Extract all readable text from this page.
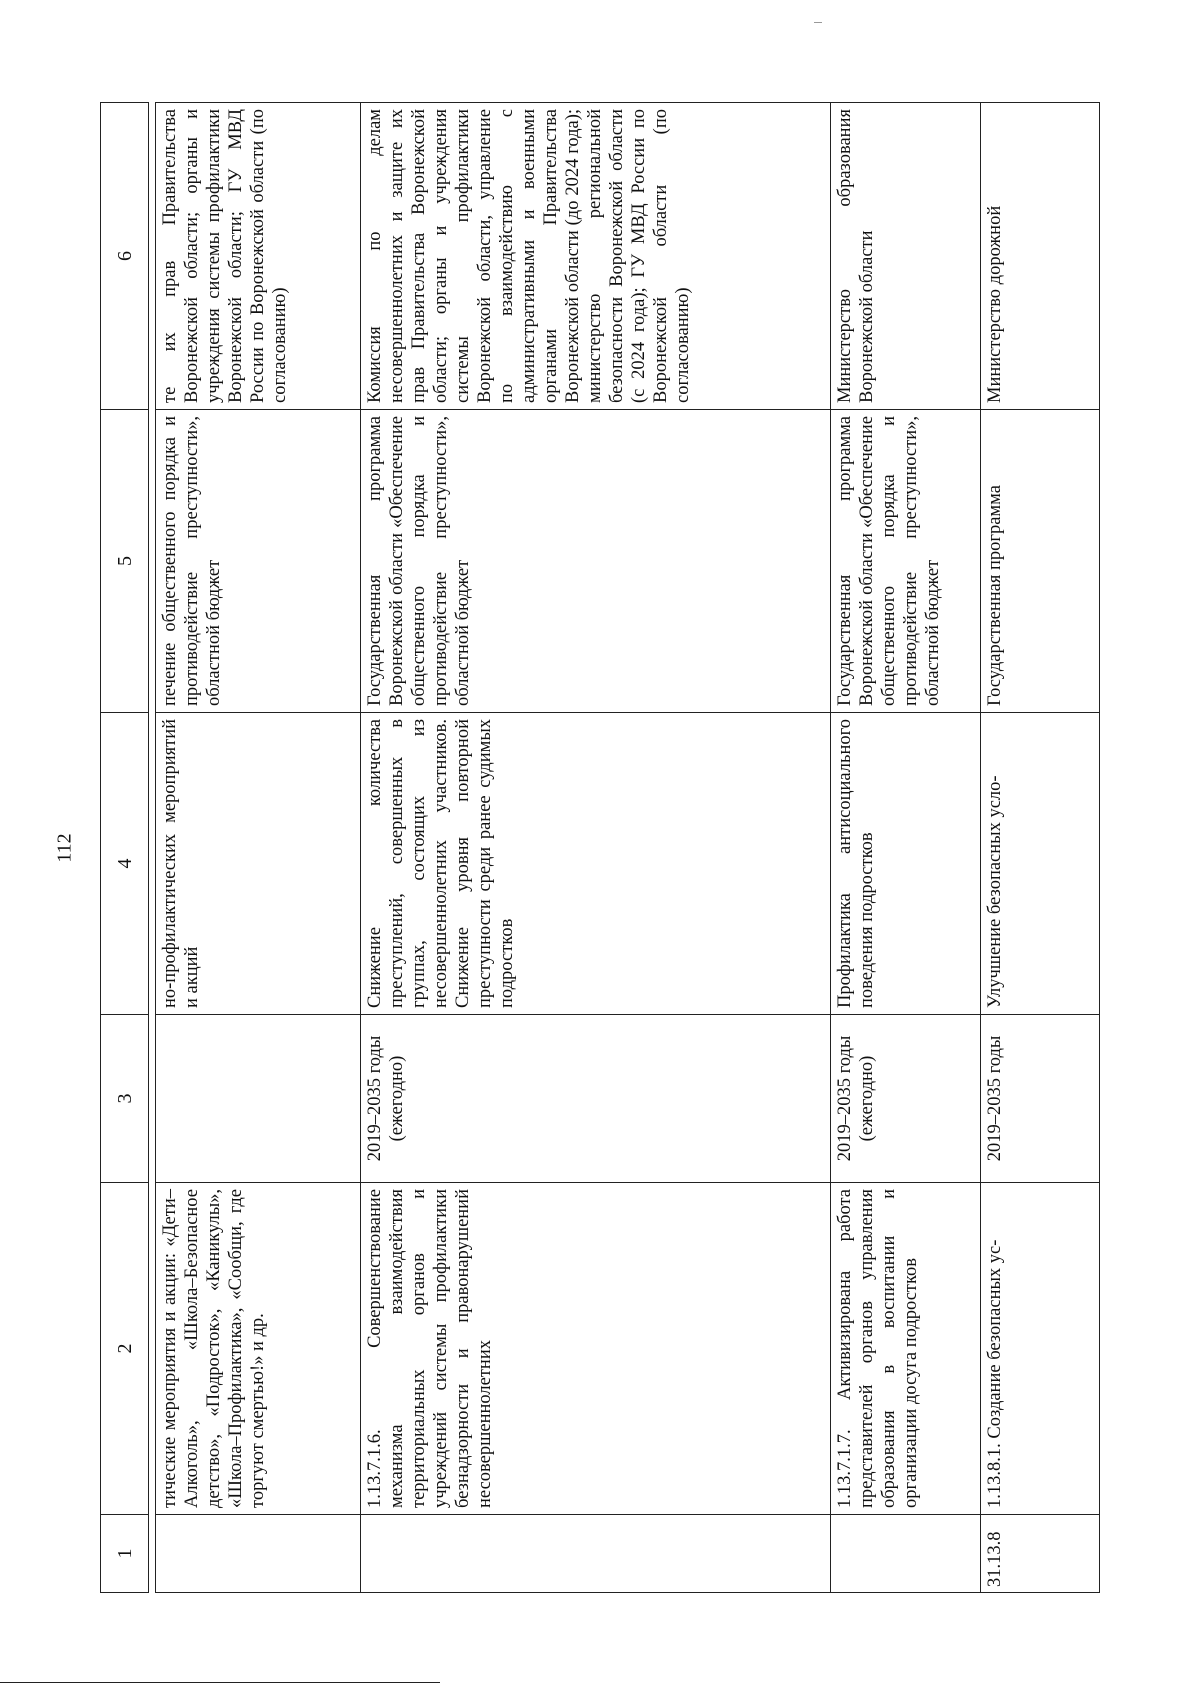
112
1	2	3	4	5	6

	тические мероприятия и акции: «Дети–Алкоголь», «Школа–Безопасное детство», «Подросток», «Каникулы», «Школа–Профилактика», «Сообщи, где торгуют смертью!» и др.		но-профилактических мероприятий и акций	печение общественного порядка и противодействие преступности», областной бюджет	те их прав Правительства Воронежской области; органы и учреждения системы профилактики Воронежской области; ГУ МВД России по Воронежской области (по согласованию)
	1.13.7.1.6. Совершенствование механизма взаимодействия территориальных органов и учреждений системы профилактики безнадзорности и правонарушений несовершеннолетних	2019–2035 годы (ежегодно)	Снижение количества преступлений, совершенных в группах, состоящих из несовершеннолетних участников. Снижение уровня повторной преступности среди ранее судимых подростков	Государственная программа Воронежской области «Обеспечение общественного порядка и противодействие преступности», областной бюджет	Комиссия по делам несовершеннолетних и защите их прав Правительства Воронежской области; органы и учреждения системы профилактики Воронежской области, управление по взаимодействию с административными и военными органами Правительства Воронежской области (до 2024 года); министерство региональной безопасности Воронежской области (с 2024 года); ГУ МВД России по Воронежской области (по согласованию)
	1.13.7.1.7. Активизирована работа представителей органов управления образования в воспитании и организации досуга подростков	2019–2035 годы (ежегодно)	Профилактика антисоциального поведения подростков	Государственная программа Воронежской области «Обеспечение общественного порядка и противодействие преступности», областной бюджет	Министерство образования Воронежской области
31.13.8	1.13.8.1. Создание безопасных ус-	2019–2035 годы	Улучшение безопасных усло-	Государственная программа	Министерство дорожной
